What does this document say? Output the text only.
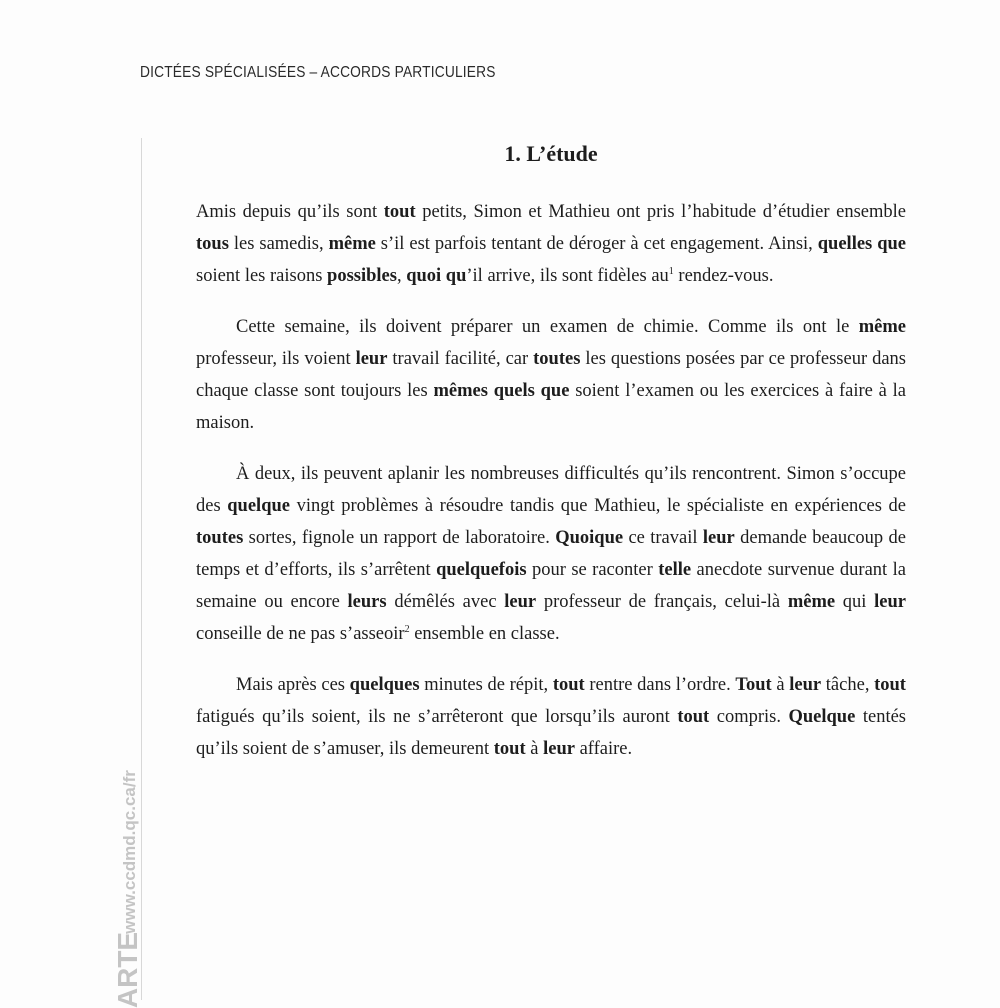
DICTÉES SPÉCIALISÉES – ACCORDS PARTICULIERS
www.ccdmd.qc.ca/fr
ARTE
1. L’étude

Amis depuis qu’ils sont tout petits, Simon et Mathieu ont pris l’habitude d’étudier ensemble tous les samedis, même s’il est parfois tentant de déroger à cet engagement. Ainsi, quelles que soient les raisons possibles, quoi qu’il arrive, ils sont fidèles $au^1$ rendez-vous.

Cette semaine, ils doivent préparer un examen de chimie. Comme ils ont le même professeur, ils voient leur travail facilité, car toutes les questions posées par ce professeur dans chaque classe sont toujours les mêmes quels que soient l’examen ou les exercices à faire à la maison.

À deux, ils peuvent aplanir les nombreuses difficultés qu’ils rencontrent. Simon s’occupe des quelque vingt problèmes à résoudre tandis que Mathieu, le spécialiste en expériences de toutes sortes, fignole un rapport de laboratoire. Quoique ce travail leur demande beaucoup de temps et d’efforts, ils s’arrêtent quelquefois pour se raconter telle anecdote survenue durant la semaine ou encore leurs démêlés avec leur professeur de français, celui-là même qui leur conseille de ne pas s’asseoir$^2$ ensemble en classe.

Mais après ces quelques minutes de répit, tout rentre dans l’ordre. Tout à leur tâche, tout fatigués qu’ils soient, ils ne s’arrêteront que lorsqu’ils auront tout compris. Quelque tentés qu’ils soient de s’amuser, ils demeurent tout à leur affaire.
